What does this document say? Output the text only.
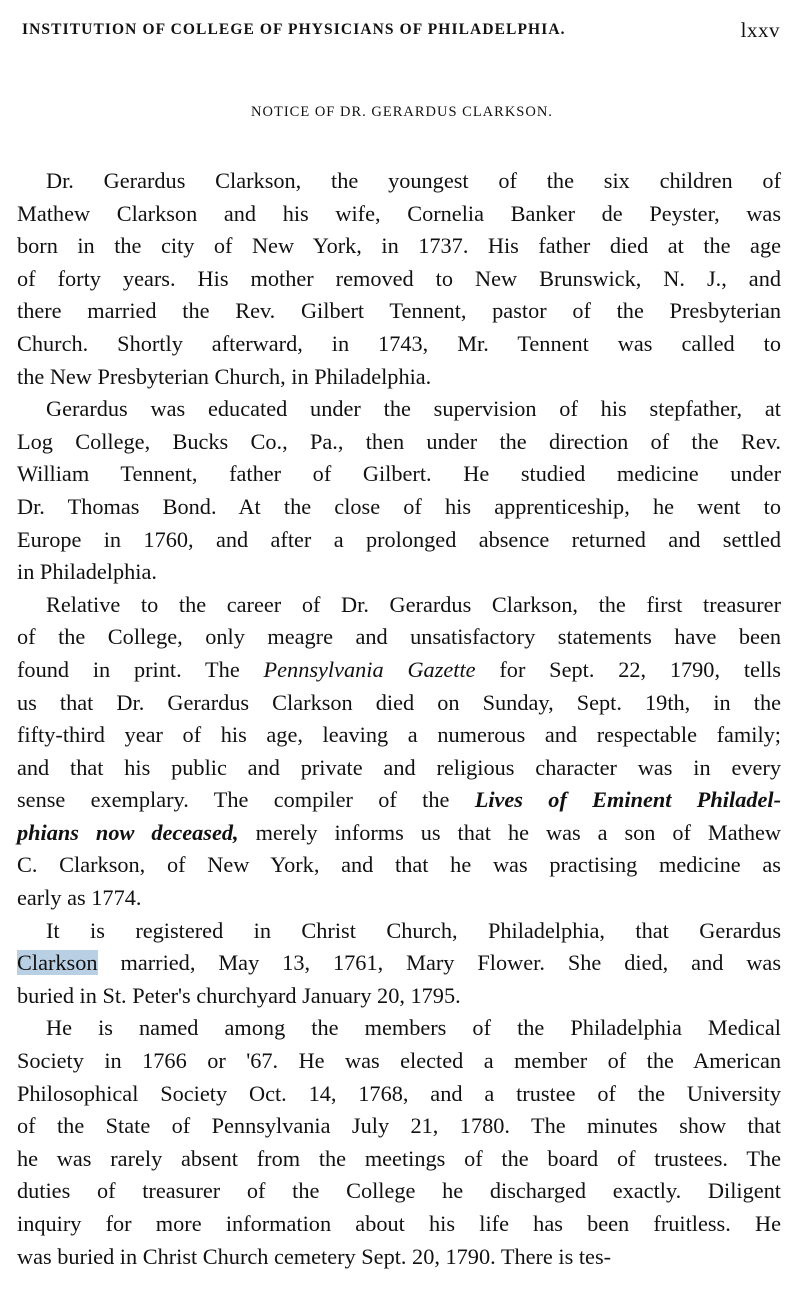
INSTITUTION OF COLLEGE OF PHYSICIANS OF PHILADELPHIA.	lxxv
NOTICE OF DR. GERARDUS CLARKSON.
Dr. Gerardus Clarkson, the youngest of the six children of
Mathew Clarkson and his wife, Cornelia Banker de Peyster, was
born in the city of New York, in 1737. His father died at the age
of forty years. His mother removed to New Brunswick, N. J., and
there married the Rev. Gilbert Tennent, pastor of the Presbyterian
Church. Shortly afterward, in 1743, Mr. Tennent was called to
the New Presbyterian Church, in Philadelphia.
Gerardus was educated under the supervision of his stepfather, at
Log College, Bucks Co., Pa., then under the direction of the Rev.
William Tennent, father of Gilbert. He studied medicine under
Dr. Thomas Bond. At the close of his apprenticeship, he went to
Europe in 1760, and after a prolonged absence returned and settled
in Philadelphia.
Relative to the career of Dr. Gerardus Clarkson, the first treasurer
of the College, only meagre and unsatisfactory statements have been
found in print. The Pennsylvania Gazette for Sept. 22, 1790, tells
us that Dr. Gerardus Clarkson died on Sunday, Sept. 19th, in the
fifty-third year of his age, leaving a numerous and respectable family;
and that his public and private and religious character was in every
sense exemplary. The compiler of the Lives of Eminent Philadel-
phians now deceased, merely informs us that he was a son of Mathew
C. Clarkson, of New York, and that he was practising medicine as
early as 1774.
It is registered in Christ Church, Philadelphia, that Gerardus
Clarkson married, May 13, 1761, Mary Flower. She died, and was
buried in St. Peter's churchyard January 20, 1795.
He is named among the members of the Philadelphia Medical
Society in 1766 or '67. He was elected a member of the American
Philosophical Society Oct. 14, 1768, and a trustee of the University
of the State of Pennsylvania July 21, 1780. The minutes show that
he was rarely absent from the meetings of the board of trustees. The
duties of treasurer of the College he discharged exactly. Diligent
inquiry for more information about his life has been fruitless. He
was buried in Christ Church cemetery Sept. 20, 1790. There is tes-
